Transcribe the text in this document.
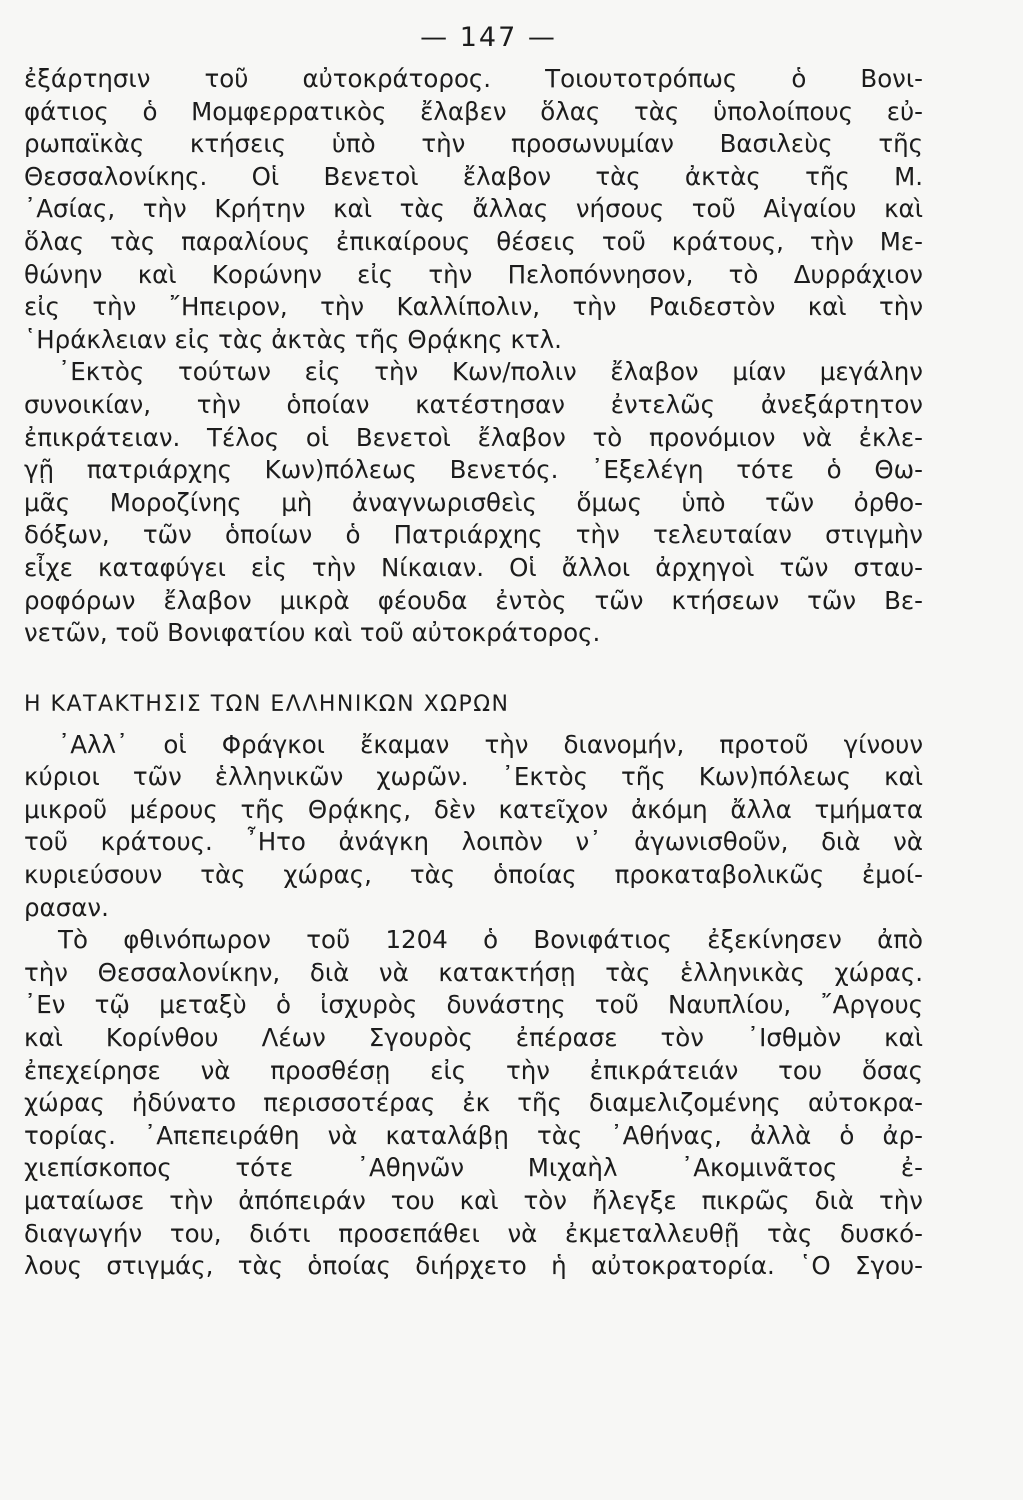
— 147 —
ἐξάρτησιν τοῦ αὐτοκράτορος. Τοιουτοτρόπως ὁ Βονι-
φάτιος ὁ Μομφερρατικὸς ἔλαβεν ὅλας τὰς ὑπολοίπους εὐ-
ρωπαϊκὰς κτήσεις ὑπὸ τὴν προσωνυμίαν Βασιλεὺς τῆς
Θεσσαλονίκης. Οἱ Βενετοὶ ἔλαβον τὰς ἀκτὰς τῆς Μ.
᾿Ασίας, τὴν Κρήτην καὶ τὰς ἄλλας νήσους τοῦ Αἰγαίου καὶ
ὅλας τὰς παραλίους ἐπικαίρους θέσεις τοῦ κράτους, τὴν Με-
θώνην καὶ Κορώνην εἰς τὴν Πελοπόννησον, τὸ Δυρράχιον
εἰς τὴν ῎Ηπειρον, τὴν Καλλίπολιν, τὴν Ραιδεστὸν καὶ τὴν
῾Ηράκλειαν εἰς τὰς ἀκτὰς τῆς Θρᾴκης κτλ.
᾿Εκτὸς τούτων εἰς τὴν Κων/πολιν ἔλαβον μίαν μεγάλην
συνοικίαν, τὴν ὁποίαν κατέστησαν ἐντελῶς ἀνεξάρτητον
ἐπικράτειαν. Τέλος οἱ Βενετοὶ ἔλαβον τὸ προνόμιον νὰ ἐκλε-
γῇ πατριάρχης Κων)πόλεως Βενετός. ᾿Εξελέγη τότε ὁ Θω-
μᾶς Μοροζίνης μὴ ἀναγνωρισθεὶς ὅμως ὑπὸ τῶν ὀρθο-
δόξων, τῶν ὁποίων ὁ Πατριάρχης τὴν τελευταίαν στιγμὴν
εἶχε καταφύγει εἰς τὴν Νίκαιαν. Οἱ ἄλλοι ἀρχηγοὶ τῶν σταυ-
ροφόρων ἔλαβον μικρὰ φέουδα ἐντὸς τῶν κτήσεων τῶν Βε-
νετῶν, τοῦ Βονιφατίου καὶ τοῦ αὐτοκράτορος.
Η ΚΑΤΑΚΤΗΣΙΣ ΤΩΝ ΕΛΛΗΝΙΚΩΝ ΧΩΡΩΝ
᾿Αλλ᾿ οἱ Φράγκοι ἔκαμαν τὴν διανομήν, προτοῦ γίνουν
κύριοι τῶν ἑλληνικῶν χωρῶν. ᾿Εκτὸς τῆς Κων)πόλεως καὶ
μικροῦ μέρους τῆς Θρᾴκης, δὲν κατεῖχον ἀκόμη ἄλλα τμήματα
τοῦ κράτους. ῏Ητο ἀνάγκη λοιπὸν ν᾿ ἀγωνισθοῦν, διὰ νὰ
κυριεύσουν τὰς χώρας, τὰς ὁποίας προκαταβολικῶς ἐμοί-
ρασαν.
Τὸ φθινόπωρον τοῦ 1204 ὁ Βονιφάτιος ἐξεκίνησεν ἀπὸ
τὴν Θεσσαλονίκην, διὰ νὰ κατακτήσῃ τὰς ἑλληνικὰς χώρας.
᾿Εν τῷ μεταξὺ ὁ ἰσχυρὸς δυνάστης τοῦ Ναυπλίου, ῎Αργους
καὶ Κορίνθου Λέων Σγουρὸς ἐπέρασε τὸν ᾿Ισθμὸν καὶ
ἐπεχείρησε νὰ προσθέσῃ εἰς τὴν ἐπικράτειάν του ὅσας
χώρας ἠδύνατο περισσοτέρας ἐκ τῆς διαμελιζομένης αὐτοκρα-
τορίας. ᾿Απεπειράθη νὰ καταλάβῃ τὰς ᾿Αθήνας, ἀλλὰ ὁ ἀρ-
χιεπίσκοπος τότε ᾿Αθηνῶν Μιχαὴλ ᾿Ακομινᾶτος ἐ-
ματαίωσε τὴν ἀπόπειράν του καὶ τὸν ἤλεγξε πικρῶς διὰ τὴν
διαγωγήν του, διότι προσεπάθει νὰ ἐκμεταλλευθῇ τὰς δυσκό-
λους στιγμάς, τὰς ὁποίας διήρχετο ἡ αὐτοκρατορία. ῾Ο Σγου-
